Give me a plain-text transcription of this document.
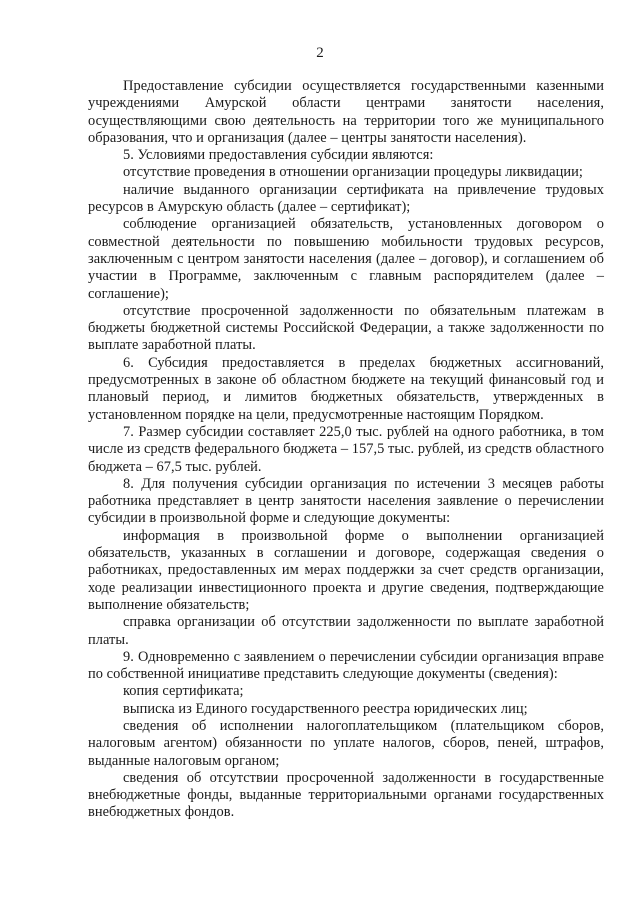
2

Предоставление субсидии осуществляется государственными казенными учреждениями Амурской области центрами занятости населения, осуществляющими свою деятельность на территории того же муниципального образования, что и организация (далее – центры занятости населения).

5. Условиями предоставления субсидии являются:

отсутствие проведения в отношении организации процедуры ликвидации;

наличие выданного организации сертификата на привлечение трудовых ресурсов в Амурскую область (далее – сертификат);

соблюдение организацией обязательств, установленных договором о совместной деятельности по повышению мобильности трудовых ресурсов, заключенным с центром занятости населения (далее – договор), и соглашением об участии в Программе, заключенным с главным распорядителем (далее – соглашение);

отсутствие просроченной задолженности по обязательным платежам в бюджеты бюджетной системы Российской Федерации, а также задолженности по выплате заработной платы.

6. Субсидия предоставляется в пределах бюджетных ассигнований, предусмотренных в законе об областном бюджете на текущий финансовый год и плановый период, и лимитов бюджетных обязательств, утвержденных в установленном порядке на цели, предусмотренные настоящим Порядком.

7. Размер субсидии составляет 225,0 тыс. рублей на одного работника, в том числе из средств федерального бюджета – 157,5 тыс. рублей, из средств областного бюджета – 67,5 тыс. рублей.

8. Для получения субсидии организация по истечении 3 месяцев работы работника представляет в центр занятости населения заявление о перечислении субсидии в произвольной форме и следующие документы:

информация в произвольной форме о выполнении организацией обязательств, указанных в соглашении и договоре, содержащая сведения о работниках, предоставленных им мерах поддержки за счет средств организации, ходе реализации инвестиционного проекта и другие сведения, подтверждающие выполнение обязательств;

справка организации об отсутствии задолженности по выплате заработной платы.

9. Одновременно с заявлением о перечислении субсидии организация вправе по собственной инициативе представить следующие документы (сведения):

копия сертификата;

выписка из Единого государственного реестра юридических лиц;

сведения об исполнении налогоплательщиком (плательщиком сборов, налоговым агентом) обязанности по уплате налогов, сборов, пеней, штрафов, выданные налоговым органом;

сведения об отсутствии просроченной задолженности в государственные внебюджетные фонды, выданные территориальными органами государственных внебюджетных фондов.
